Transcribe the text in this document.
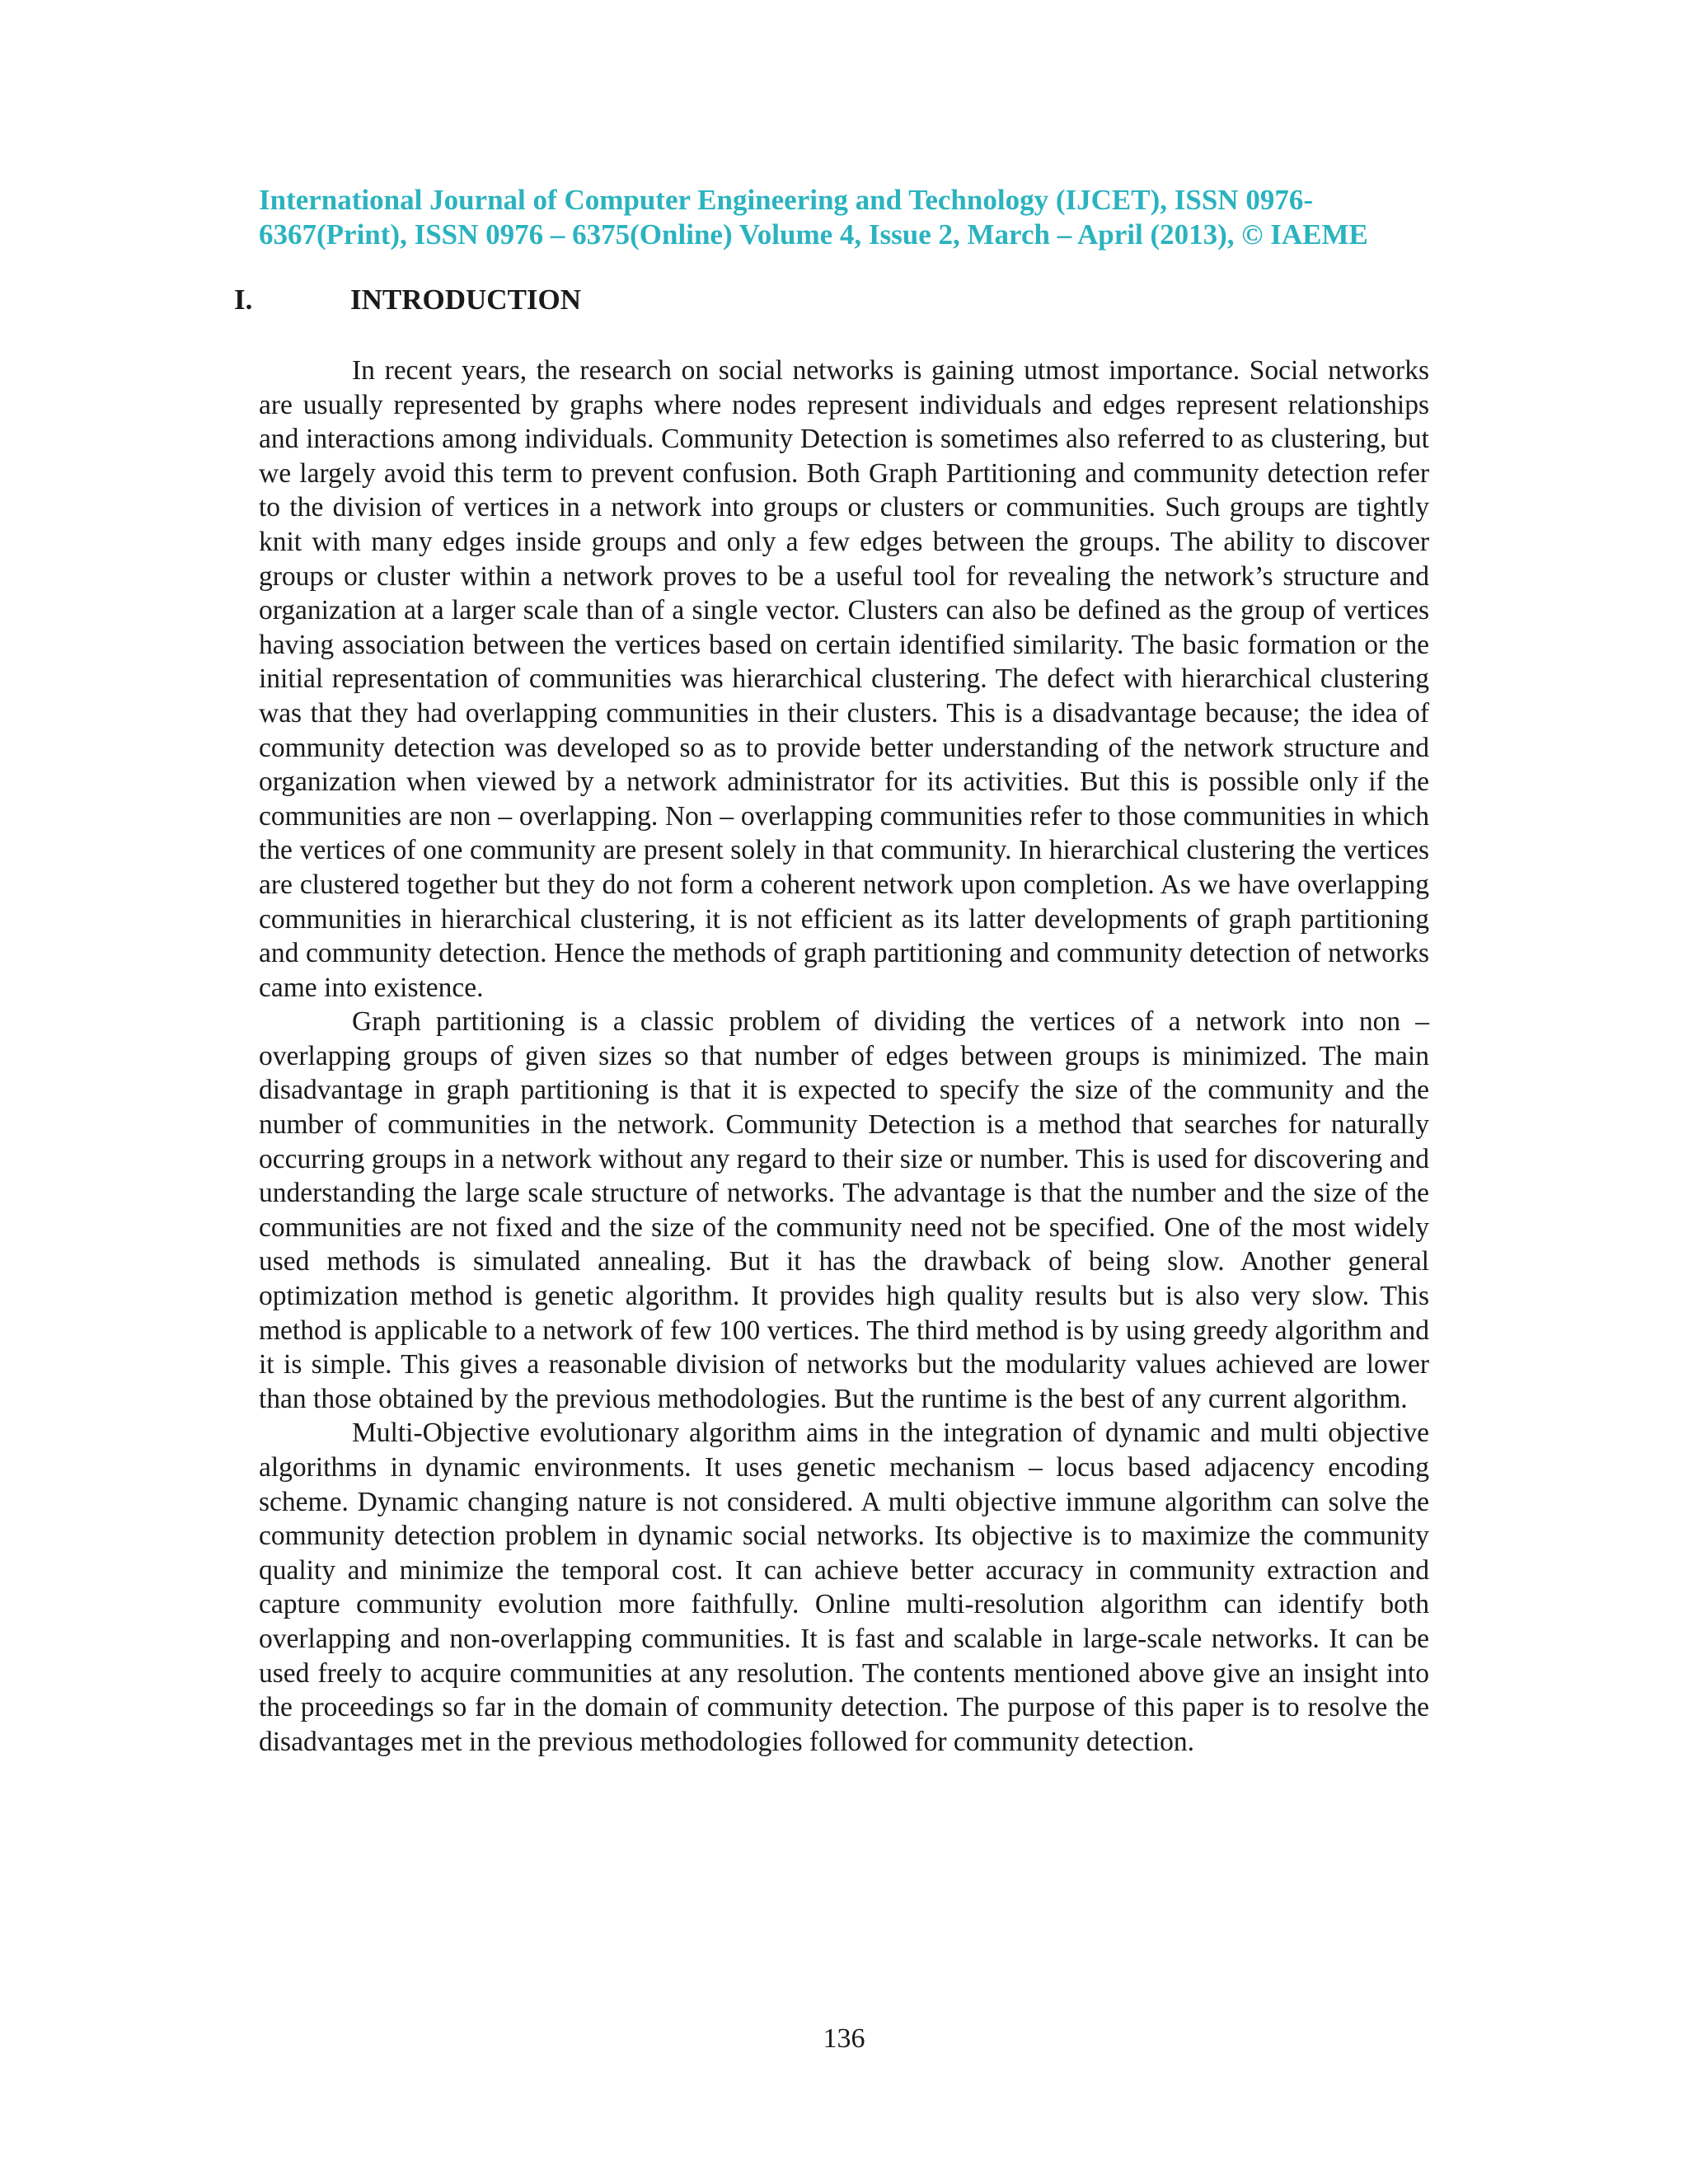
International Journal of Computer Engineering and Technology (IJCET), ISSN 0976-
6367(Print), ISSN 0976 – 6375(Online) Volume 4, Issue 2, March – April (2013), © IAEME
I.	INTRODUCTION

In recent years, the research on social networks is gaining utmost importance. Social networks are usually represented by graphs where nodes represent individuals and edges represent relationships and interactions among individuals. Community Detection is sometimes also referred to as clustering, but we largely avoid this term to prevent confusion. Both Graph Partitioning and community detection refer to the division of vertices in a network into groups or clusters or communities. Such groups are tightly knit with many edges inside groups and only a few edges between the groups. The ability to discover groups or cluster within a network proves to be a useful tool for revealing the network’s structure and organization at a larger scale than of a single vector. Clusters can also be defined as the group of vertices having association between the vertices based on certain identified similarity. The basic formation or the initial representation of communities was hierarchical clustering. The defect with hierarchical clustering was that they had overlapping communities in their clusters. This is a disadvantage because; the idea of community detection was developed so as to provide better understanding of the network structure and organization when viewed by a network administrator for its activities. But this is possible only if the communities are non – overlapping. Non – overlapping communities refer to those communities in which the vertices of one community are present solely in that community. In hierarchical clustering the vertices are clustered together but they do not form a coherent network upon completion. As we have overlapping communities in hierarchical clustering, it is not efficient as its latter developments of graph partitioning and community detection. Hence the methods of graph partitioning and community detection of networks came into existence.

Graph partitioning is a classic problem of dividing the vertices of a network into non – overlapping groups of given sizes so that number of edges between groups is minimized. The main disadvantage in graph partitioning is that it is expected to specify the size of the community and the number of communities in the network. Community Detection is a method that searches for naturally occurring groups in a network without any regard to their size or number. This is used for discovering and understanding the large scale structure of networks. The advantage is that the number and the size of the communities are not fixed and the size of the community need not be specified. One of the most widely used methods is simulated annealing. But it has the drawback of being slow. Another general optimization method is genetic algorithm. It provides high quality results but is also very slow. This method is applicable to a network of few 100 vertices. The third method is by using greedy algorithm and it is simple. This gives a reasonable division of networks but the modularity values achieved are lower than those obtained by the previous methodologies. But the runtime is the best of any current algorithm.

Multi-Objective evolutionary algorithm aims in the integration of dynamic and multi objective algorithms in dynamic environments. It uses genetic mechanism – locus based adjacency encoding scheme. Dynamic changing nature is not considered. A multi objective immune algorithm can solve the community detection problem in dynamic social networks. Its objective is to maximize the community quality and minimize the temporal cost. It can achieve better accuracy in community extraction and capture community evolution more faithfully. Online multi-resolution algorithm can identify both overlapping and non-overlapping communities. It is fast and scalable in large-scale networks. It can be used freely to acquire communities at any resolution. The contents mentioned above give an insight into the proceedings so far in the domain of community detection. The purpose of this paper is to resolve the disadvantages met in the previous methodologies followed for community detection.

136
